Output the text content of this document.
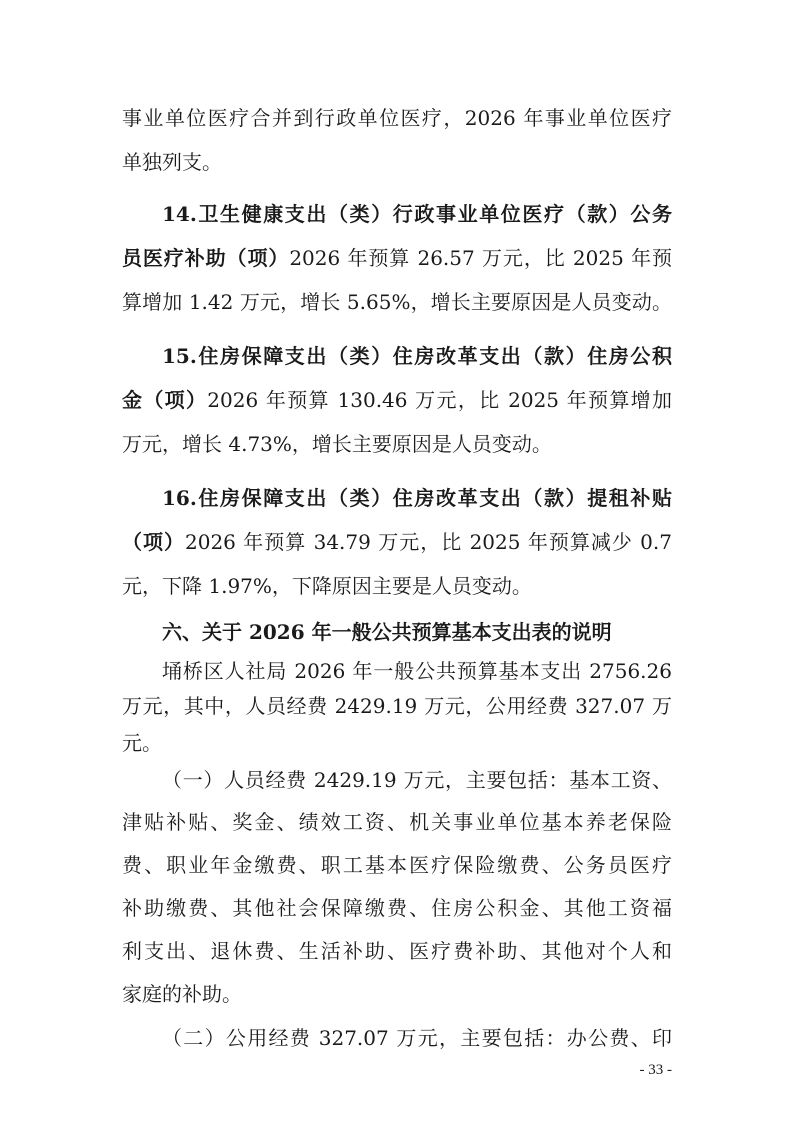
事业单位医疗合并到行政单位医疗，2026 年事业单位医疗
单独列支。
14.卫生健康支出（类）行政事业单位医疗（款）公务
员医疗补助（项）2026 年预算 26.57 万元，比 2025 年预
算增加 1.42 万元，增长 5.65%，增长主要原因是人员变动。
15.住房保障支出（类）住房改革支出（款）住房公积
金（项）2026 年预算 130.46 万元，比 2025 年预算增加
万元，增长 4.73%，增长主要原因是人员变动。
16.住房保障支出（类）住房改革支出（款）提租补贴
（项）2026 年预算 34.79 万元，比 2025 年预算减少 0.7
元，下降 1.97%，下降原因主要是人员变动。
六、关于 2026 年一般公共预算基本支出表的说明
埇桥区人社局 2026 年一般公共预算基本支出 2756.26
万元，其中，人员经费 2429.19 万元，公用经费 327.07 万
元。
（一）人员经费 2429.19 万元，主要包括：基本工资、
津贴补贴、奖金、绩效工资、机关事业单位基本养老保险
费、职业年金缴费、职工基本医疗保险缴费、公务员医疗
补助缴费、其他社会保障缴费、住房公积金、其他工资福
利支出、退休费、生活补助、医疗费补助、其他对个人和
家庭的补助。
（二）公用经费 327.07 万元，主要包括：办公费、印
- 33 -
